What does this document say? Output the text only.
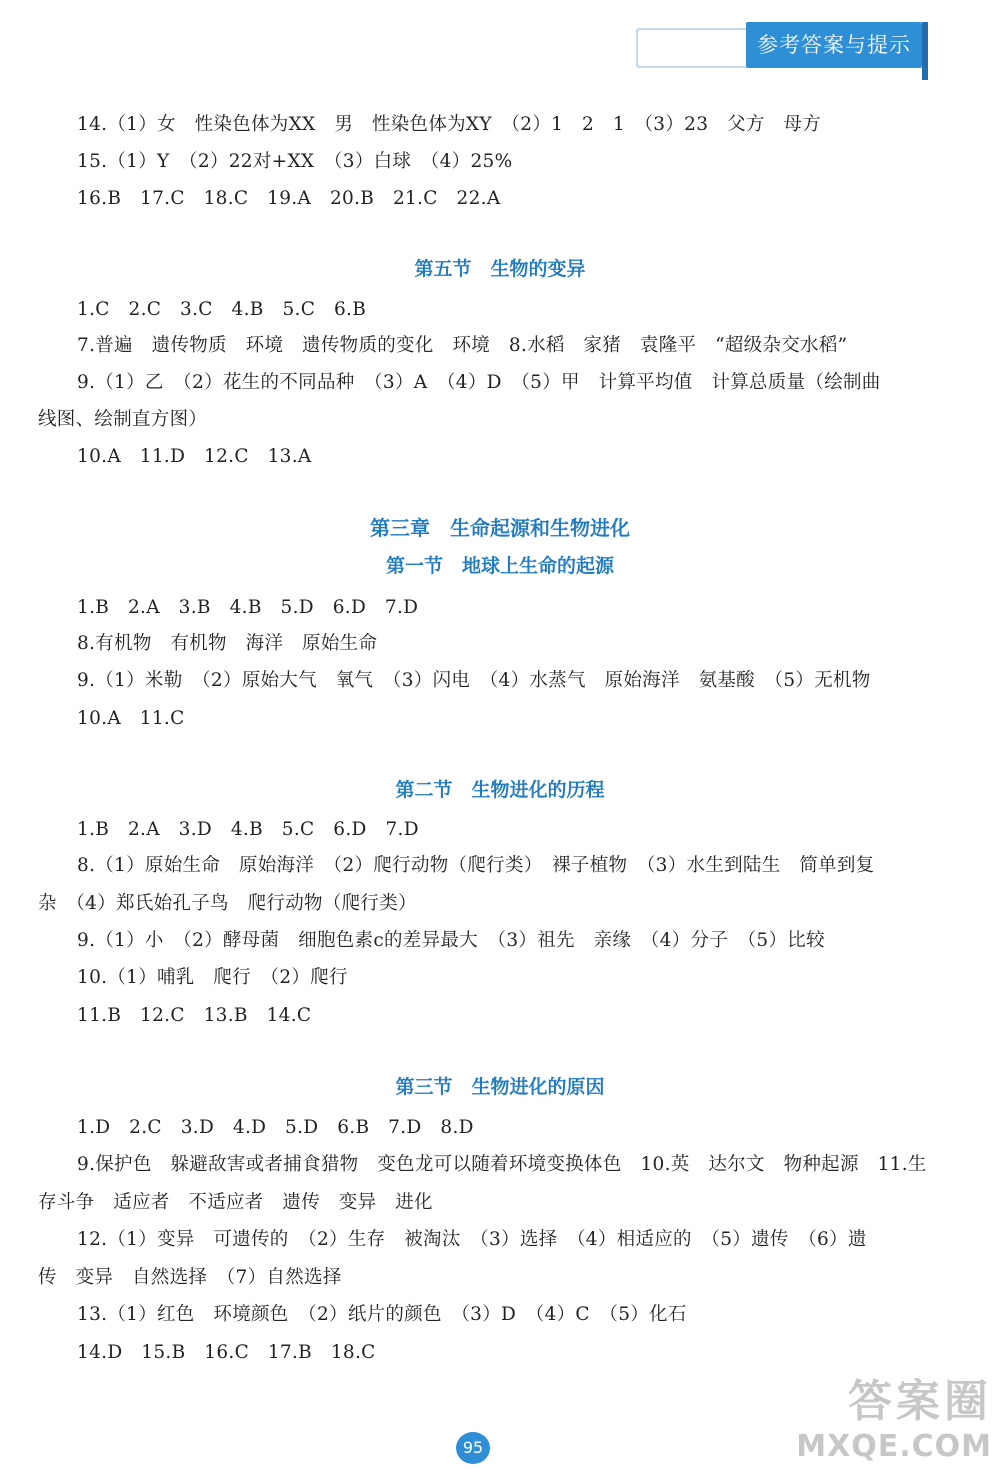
参考答案与提示
14.（1）女　性染色体为XX　男　性染色体为XY　（2）1　2　1　（3）23　父方　母方
15.（1）Y　（2）22对+XX　（3）白球　（4）25%
16.B　17.C　18.C　19.A　20.B　21.C　22.A
第五节　生物的变异
1.C　2.C　3.C　4.B　5.C　6.B
7.普遍　遗传物质　环境　遗传物质的变化　环境　8.水稻　家猪　袁隆平　“超级杂交水稻”
9.（1）乙　（2）花生的不同品种　（3）A　（4）D　（5）甲　计算平均值　计算总质量（绘制曲
线图、绘制直方图）
10.A　11.D　12.C　13.A
第三章　生命起源和生物进化
第一节　地球上生命的起源
1.B　2.A　3.B　4.B　5.D　6.D　7.D
8.有机物　有机物　海洋　原始生命
9.（1）米勒　（2）原始大气　氧气　（3）闪电　（4）水蒸气　原始海洋　氨基酸　（5）无机物
10.A　11.C
第二节　生物进化的历程
1.B　2.A　3.D　4.B　5.C　6.D　7.D
8.（1）原始生命　原始海洋　（2）爬行动物（爬行类）　裸子植物　（3）水生到陆生　简单到复
杂　（4）郑氏始孔子鸟　爬行动物（爬行类）
9.（1）小　（2）酵母菌　细胞色素c的差异最大　（3）祖先　亲缘　（4）分子　（5）比较
10.（1）哺乳　爬行　（2）爬行
11.B　12.C　13.B　14.C
第三节　生物进化的原因
1.D　2.C　3.D　4.D　5.D　6.B　7.D　8.D
9.保护色　躲避敌害或者捕食猎物　变色龙可以随着环境变换体色　10.英　达尔文　物种起源　11.生
存斗争　适应者　不适应者　遗传　变异　进化
12.（1）变异　可遗传的　（2）生存　被淘汰　（3）选择　（4）相适应的　（5）遗传　（6）遗
传　变异　自然选择　（7）自然选择
13.（1）红色　环境颜色　（2）纸片的颜色　（3）D　（4）C　（5）化石
14.D　15.B　16.C　17.B　18.C
95
答案圈
MXQE.COM
